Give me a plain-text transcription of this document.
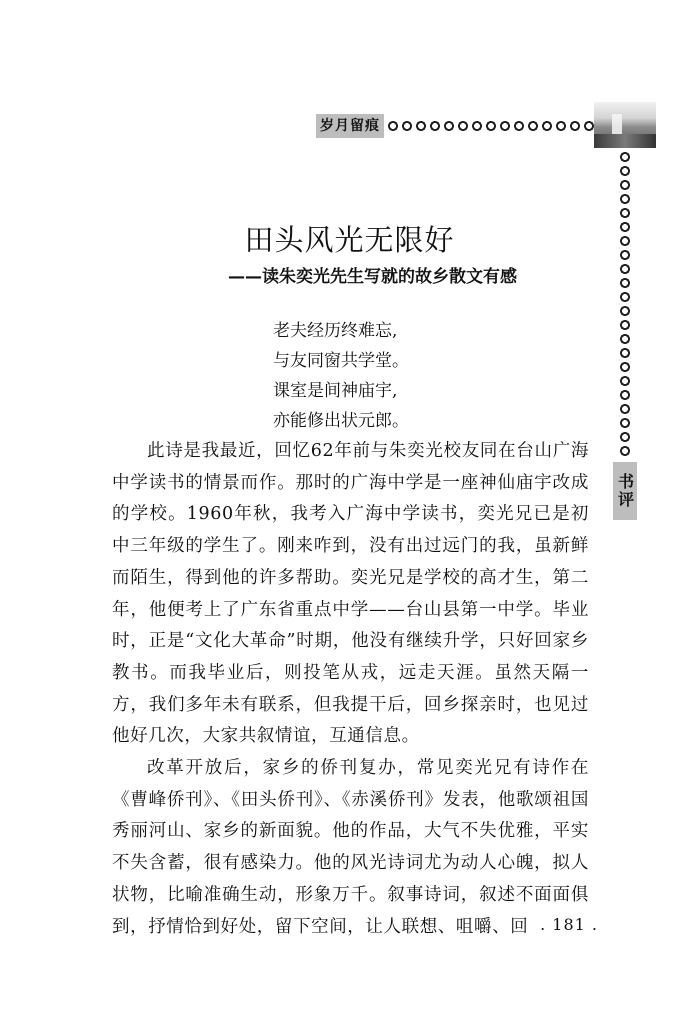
岁月留痕
书评
田头风光无限好
——读朱奕光先生写就的故乡散文有感
老夫经历终难忘,
与友同窗共学堂。
课室是间神庙宇,
亦能修出状元郎。

此诗是我最近，回忆62年前与朱奕光校友同在台山广海中学读书的情景而作。那时的广海中学是一座神仙庙宇改成的学校。1960年秋，我考入广海中学读书，奕光兄已是初中三年级的学生了。刚来咋到，没有出过远门的我，虽新鲜而陌生，得到他的许多帮助。奕光兄是学校的高才生，第二年，他便考上了广东省重点中学——台山县第一中学。毕业时，正是“文化大革命”时期，他没有继续升学，只好回家乡教书。而我毕业后，则投笔从戎，远走天涯。虽然天隔一方，我们多年未有联系，但我提干后，回乡探亲时，也见过他好几次，大家共叙情谊，互通信息。

改革开放后，家乡的侨刊复办，常见奕光兄有诗作在《曹峰侨刊》、《田头侨刊》、《赤溪侨刊》发表，他歌颂祖国秀丽河山、家乡的新面貌。他的作品，大气不失优雅，平实不失含蓄，很有感染力。他的风光诗词尤为动人心魄，拟人状物，比喻准确生动，形象万千。叙事诗词，叙述不面面俱到，抒情恰到好处，留下空间，让人联想、咀嚼、回 . 181 .
